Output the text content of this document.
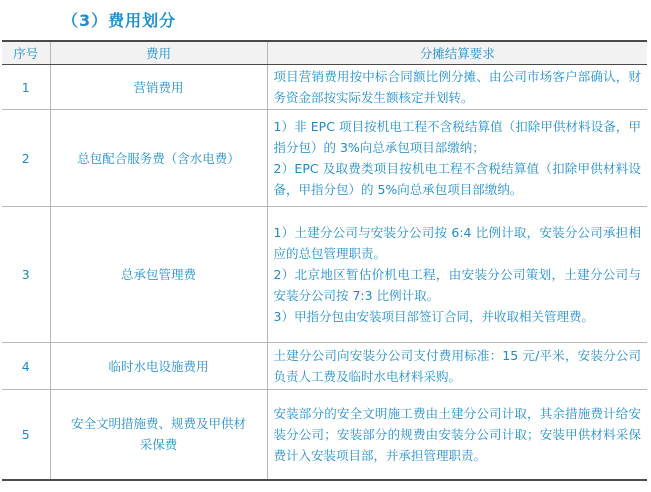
（3）费用划分
序号	费用	分摊结算要求
1	营销费用	项目营销费用按中标合同额比例分摊、由公司市场客户部确认，财务资金部按实际发生额核定并划转。

2	总包配合服务费（含水电费）	1）非 EPC 项目按机电工程不含税结算值（扣除甲供材料设备，甲指分包）的 3%向总承包项目部缴纳；
2）EPC 及取费类项目按机电工程不含税结算值（扣除甲供材料设备，甲指分包）的 5%向总承包项目部缴纳。

3	总承包管理费	1）土建分公司与安装分公司按 6:4 比例计取，安装分公司承担相应的总包管理职责。
2）北京地区暂估价机电工程，由安装分公司策划，土建分公司与安装分公司按 7:3 比例计取。
3）甲指分包由安装项目部签订合同，并收取相关管理费。

4	临时水电设施费用	土建分公司向安装分公司支付费用标准：15 元/平米，安装分公司负责人工费及临时水电材料采购。

5	安全文明措施费、规费及甲供材
采保费	安装部分的安全文明施工费由土建分公司计取，其余措施费计给安装分公司；安装部分的规费由安装分公司计取；安装甲供材料采保费计入安装项目部，并承担管理职责。
